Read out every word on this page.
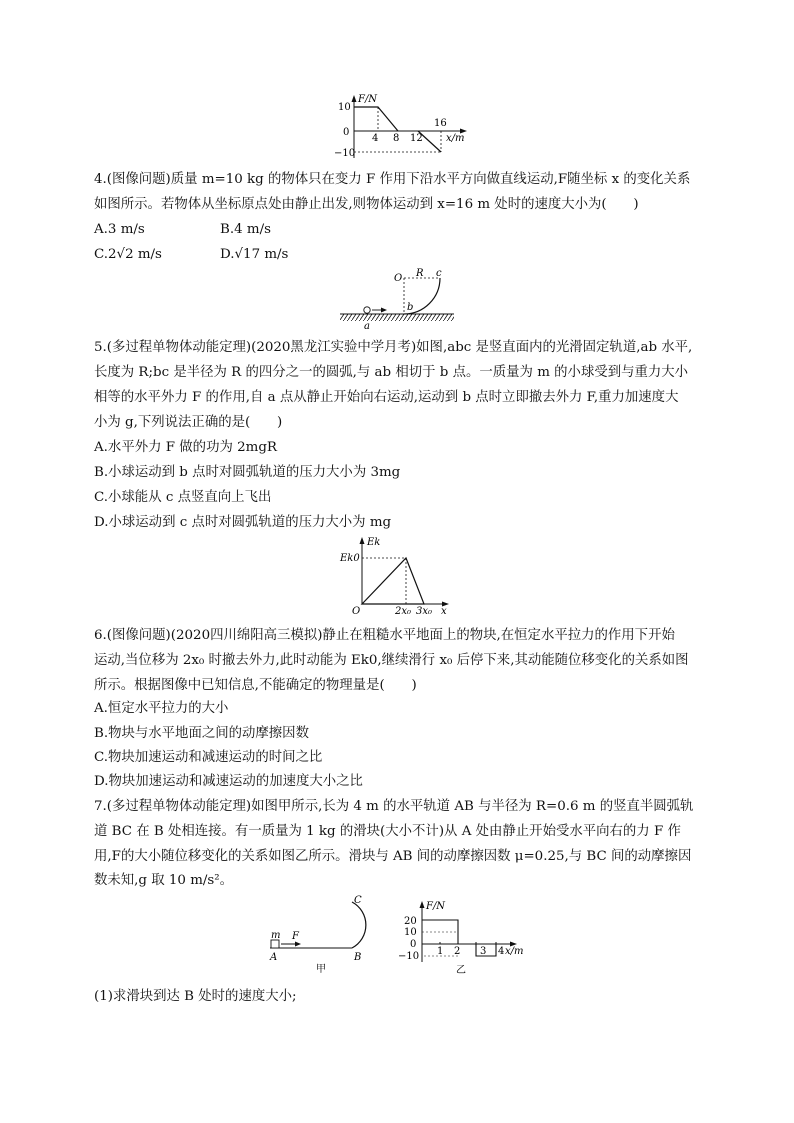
F/N
10
0
−10
4 8 12
16
x/m
4.(图像问题)质量 m=10 kg 的物体只在变力 F 作用下沿水平方向做直线运动,F随坐标 x 的变化关系
如图所示。若物体从坐标原点处由静止出发,则物体运动到 x=16 m 处时的速度大小为(　　)
A.3 m/s	B.4 m/s
C.2√2 m/s	D.√17 m/s
O R c
b
a
5.(多过程单物体动能定理)(2020黑龙江实验中学月考)如图,abc 是竖直面内的光滑固定轨道,ab 水平,
长度为 R;bc 是半径为 R 的四分之一的圆弧,与 ab 相切于 b 点。一质量为 m 的小球受到与重力大小
相等的水平外力 F 的作用,自 a 点从静止开始向右运动,运动到 b 点时立即撤去外力 F,重力加速度大
小为 g,下列说法正确的是(　　)
A.水平外力 F 做的功为 2mgR
B.小球运动到 b 点时对圆弧轨道的压力大小为 3mg
C.小球能从 c 点竖直向上飞出
D.小球运动到 c 点时对圆弧轨道的压力大小为 mg
Ek
Ek0
O	2x₀ 3x₀ x
6.(图像问题)(2020四川绵阳高三模拟)静止在粗糙水平地面上的物块,在恒定水平拉力的作用下开始
运动,当位移为 2x₀ 时撤去外力,此时动能为 Ek0,继续滑行 x₀ 后停下来,其动能随位移变化的关系如图
所示。根据图像中已知信息,不能确定的物理量是(　　)
A.恒定水平拉力的大小
B.物块与水平地面之间的动摩擦因数
C.物块加速运动和减速运动的时间之比
D.物块加速运动和减速运动的加速度大小之比
7.(多过程单物体动能定理)如图甲所示,长为 4 m 的水平轨道 AB 与半径为 R=0.6 m 的竖直半圆弧轨
道 BC 在 B 处相连接。有一质量为 1 kg 的滑块(大小不计)从 A 处由静止开始受水平向右的力 F 作
用,F的大小随位移变化的关系如图乙所示。滑块与 AB 间的动摩擦因数 μ=0.25,与 BC 间的动摩擦因
数未知,g 取 10 m/s²。
C
m F
A	B
甲
F/N
20
10
0
−10 1 2 3 4 x/m
乙
(1)求滑块到达 B 处时的速度大小;
